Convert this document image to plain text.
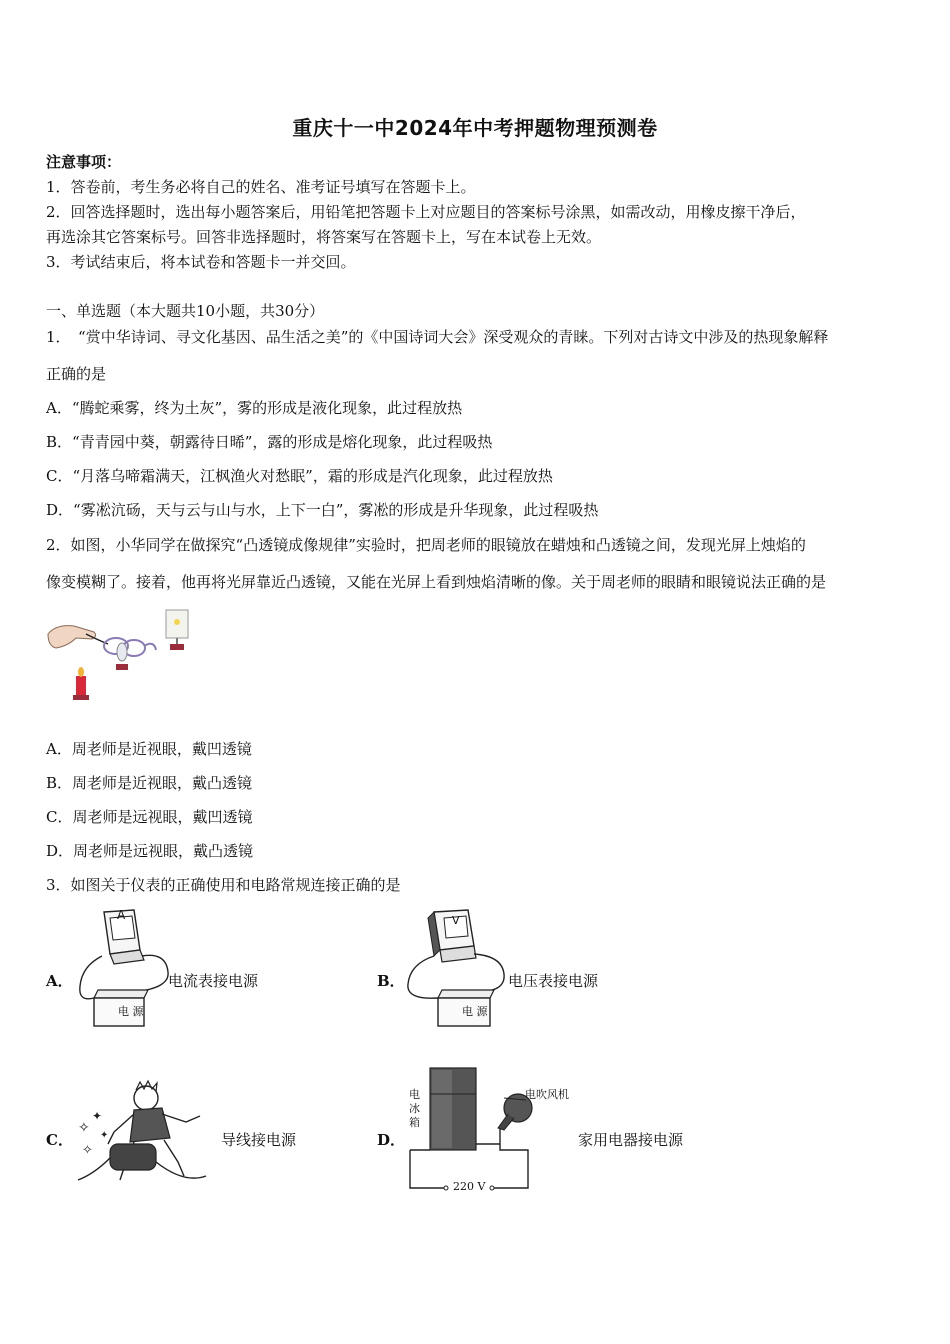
重庆十一中2024年中考押题物理预测卷
注意事项：
1．答卷前，考生务必将自己的姓名、准考证号填写在答题卡上。
2．回答选择题时，选出每小题答案后，用铅笔把答题卡上对应题目的答案标号涂黑，如需改动，用橡皮擦干净后，
再选涂其它答案标号。回答非选择题时，将答案写在答题卡上，写在本试卷上无效。
3．考试结束后，将本试卷和答题卡一并交回。
一、单选题（本大题共10小题，共30分）
1．　“赏中华诗词、寻文化基因、品生活之美”的《中国诗词大会》深受观众的青睐。下列对古诗文中涉及的热现象解释
正确的是
A．“腾蛇乘雾，终为土灰”，雾的形成是液化现象，此过程放热
B．“青青园中葵，朝露待日晞”，露的形成是熔化现象，此过程吸热
C．“月落乌啼霜满天，江枫渔火对愁眠”，霜的形成是汽化现象，此过程放热
D．“雾凇沆砀，天与云与山与水，上下一白”，雾凇的形成是升华现象，此过程吸热
2．如图，小华同学在做探究“凸透镜成像规律”实验时，把周老师的眼镜放在蜡烛和凸透镜之间，发现光屏上烛焰的
像变模糊了。接着，他再将光屏靠近凸透镜，又能在光屏上看到烛焰清晰的像。关于周老师的眼睛和眼镜说法正确的是
A．周老师是近视眼，戴凹透镜
B．周老师是近视眼，戴凸透镜
C．周老师是远视眼，戴凹透镜
D．周老师是远视眼，戴凸透镜
3．如图关于仪表的正确使用和电路常规连接正确的是
A．
A
电 源
电流表接电源	B．
V
电 源
电压表接电源
C．
✧
✦
✧
✦	导线接电源	D．
电冰箱
电吹风机
220 V
家用电器接电源
